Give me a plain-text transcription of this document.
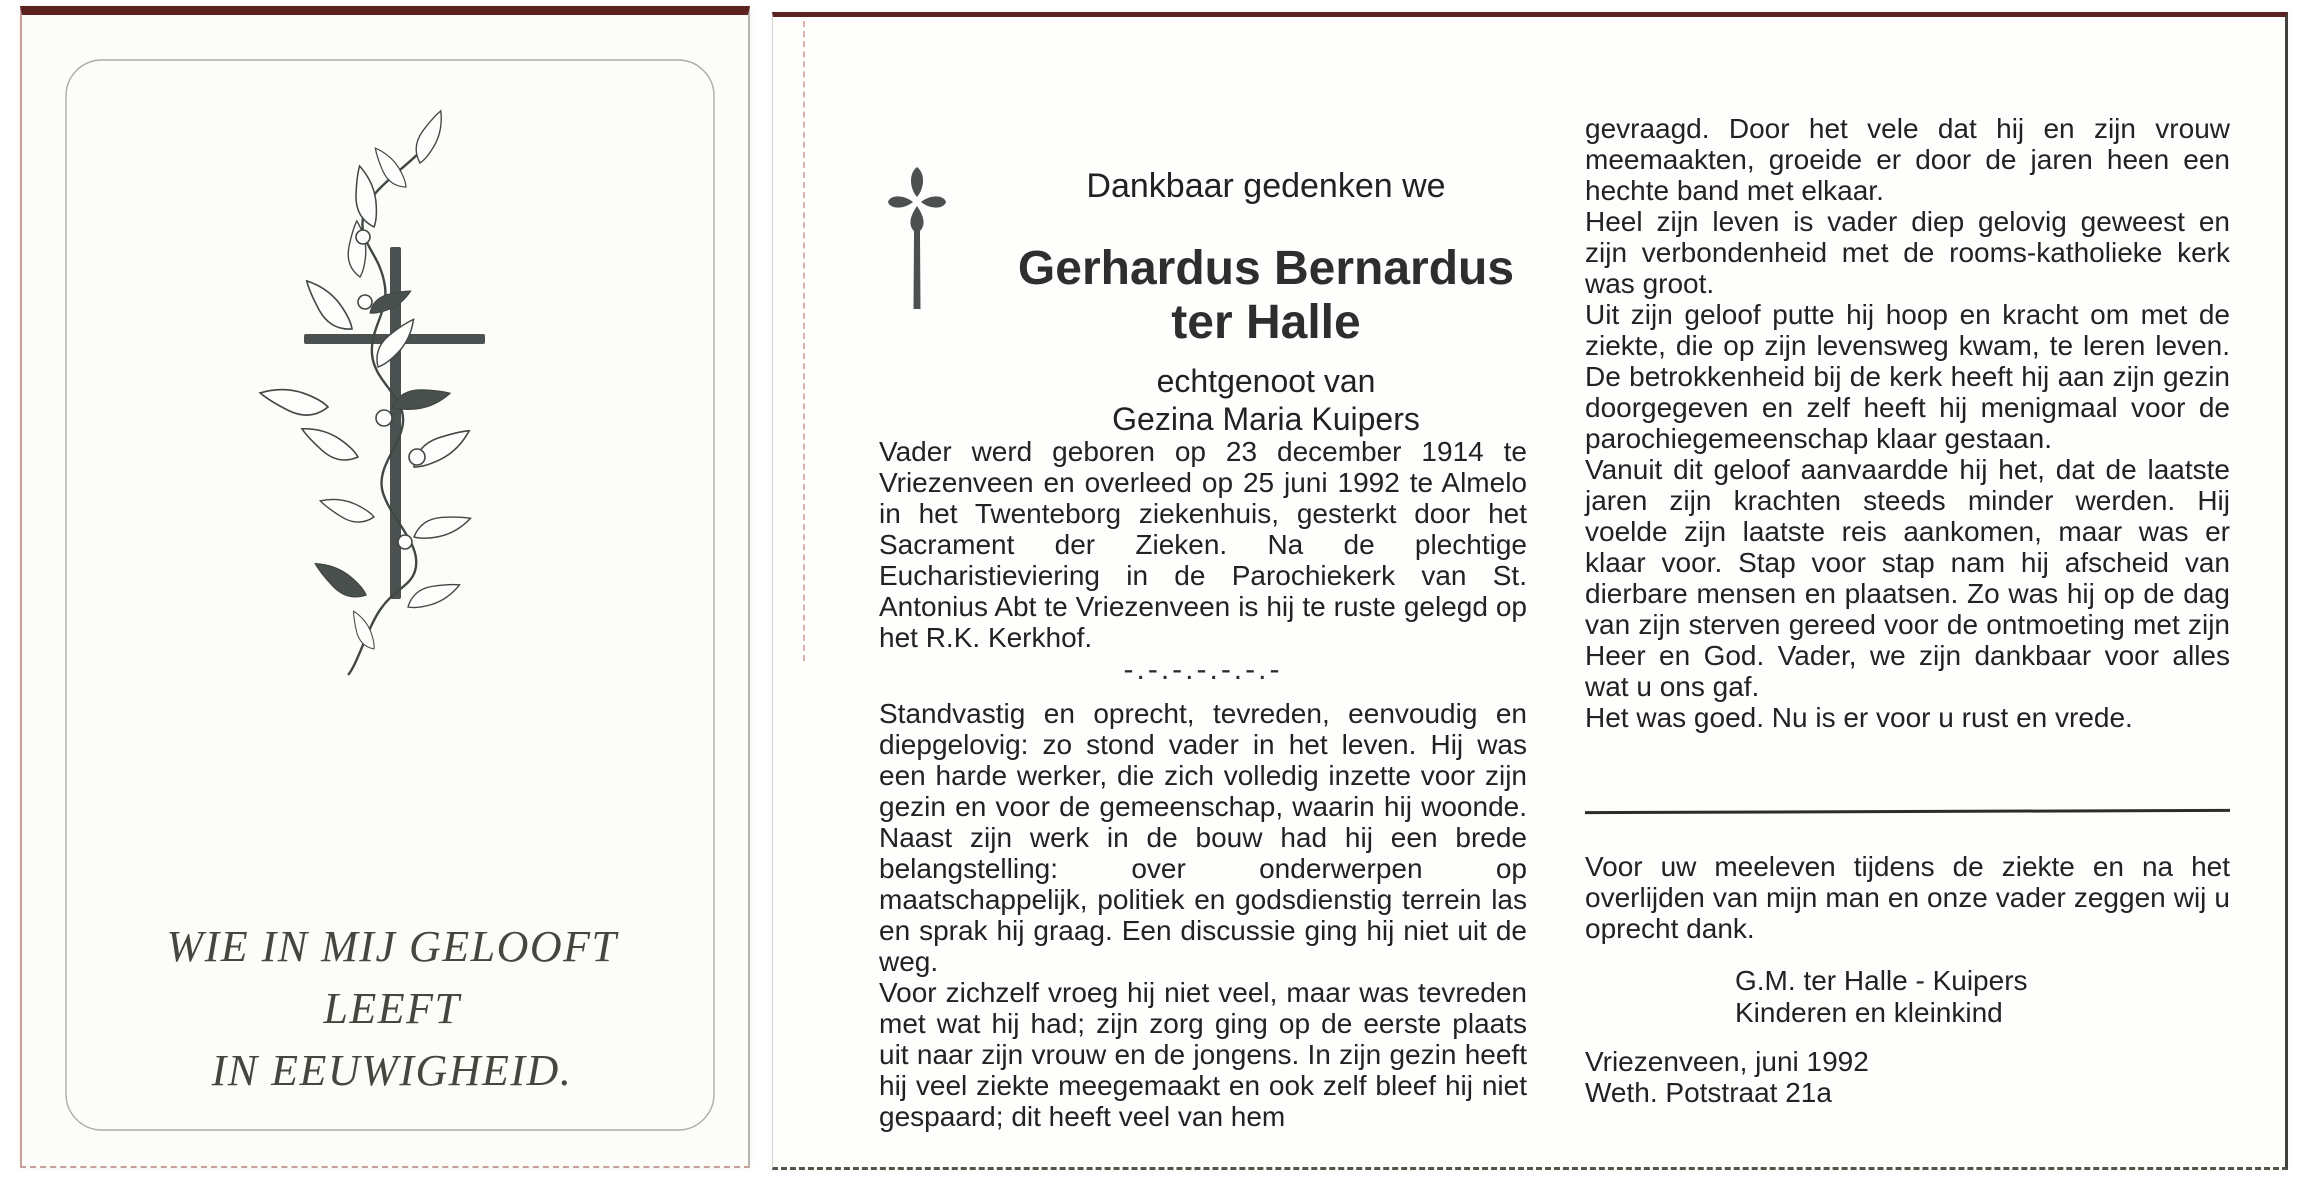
WIE IN MIJ GELOOFT
LEEFT
IN EEUWIGHEID.
Dankbaar gedenken we
Gerhardus Bernardus
ter Halle
echtgenoot van
Gezina Maria Kuipers

Vader werd geboren op 23 december 1914 te Vriezenveen en overleed op 25 juni 1992 te Almelo in het Twenteborg ziekenhuis, gesterkt door het Sacrament der Zieken. Na de plechtige Eucharistieviering in de Parochiekerk van St. Antonius Abt te Vriezenveen is hij te ruste gelegd op het R.K. Kerkhof.

-.-.-.-.-.-.-

Standvastig en oprecht, tevreden, eenvoudig en diepgelovig: zo stond vader in het leven. Hij was een harde werker, die zich volledig inzette voor zijn gezin en voor de gemeenschap, waarin hij woonde. Naast zijn werk in de bouw had hij een brede belangstelling: over onderwerpen op maatschappelijk, politiek en godsdienstig terrein las en sprak hij graag. Een discussie ging hij niet uit de weg.

Voor zichzelf vroeg hij niet veel, maar was tevreden met wat hij had; zijn zorg ging op de eerste plaats uit naar zijn vrouw en de jongens. In zijn gezin heeft hij veel ziekte meegemaakt en ook zelf bleef hij niet gespaard; dit heeft veel van hem

gevraagd. Door het vele dat hij en zijn vrouw meemaakten, groeide er door de jaren heen een hechte band met elkaar.

Heel zijn leven is vader diep gelovig geweest en zijn verbondenheid met de rooms-katholieke kerk was groot.

Uit zijn geloof putte hij hoop en kracht om met de ziekte, die op zijn levensweg kwam, te leren leven. De betrokkenheid bij de kerk heeft hij aan zijn gezin doorgegeven en zelf heeft hij menigmaal voor de parochiegemeenschap klaar gestaan.

Vanuit dit geloof aanvaardde hij het, dat de laatste jaren zijn krachten steeds minder werden. Hij voelde zijn laatste reis aankomen, maar was er klaar voor. Stap voor stap nam hij afscheid van dierbare mensen en plaatsen. Zo was hij op de dag van zijn sterven gereed voor de ontmoeting met zijn Heer en God. Vader, we zijn dankbaar voor alles wat u ons gaf.

Het was goed. Nu is er voor u rust en vrede.

Voor uw meeleven tijdens de ziekte en na het overlijden van mijn man en onze vader zeggen wij u oprecht dank.

G.M. ter Halle - Kuipers
Kinderen en kleinkind
Vriezenveen, juni 1992
Weth. Potstraat 21a
